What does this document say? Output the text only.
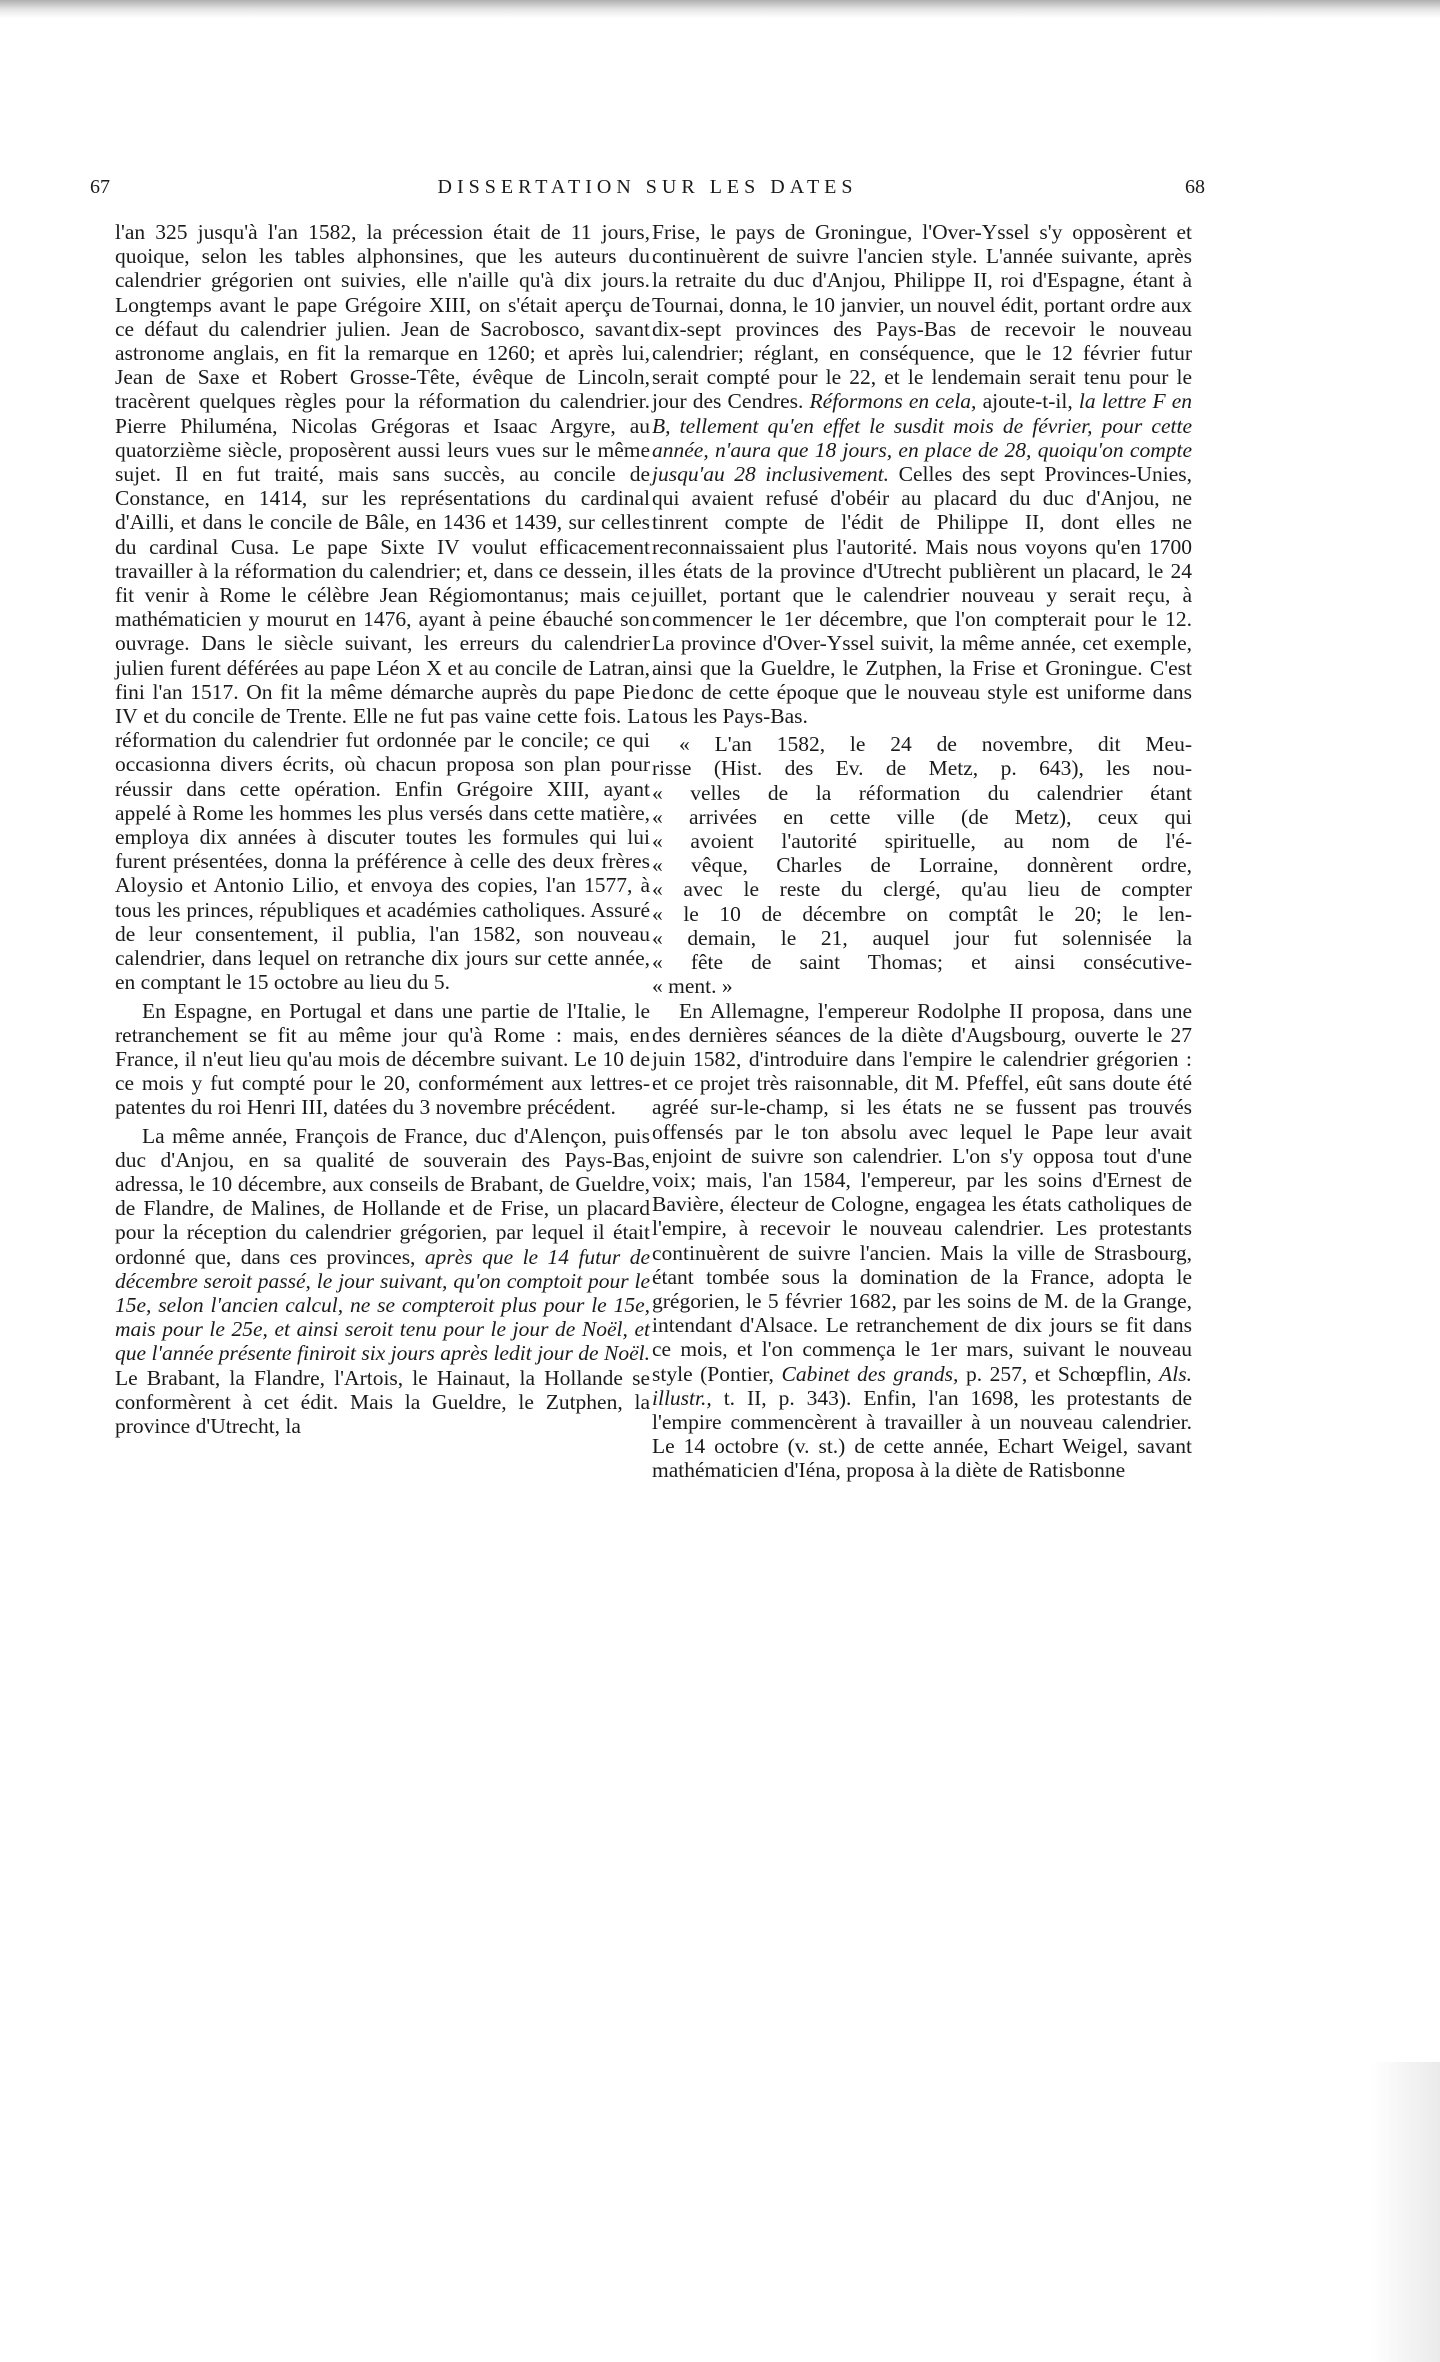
67	DISSERTATION SUR LES DATES	68

l'an 325 jusqu'à l'an 1582, la précession était de 11 jours, quoique, selon les tables alphonsines, que les auteurs du calendrier grégorien ont suivies, elle n'aille qu'à dix jours. Longtemps avant le pape Grégoire XIII, on s'était aperçu de ce défaut du calendrier julien. Jean de Sacrobosco, savant astronome anglais, en fit la remarque en 1260; et après lui, Jean de Saxe et Robert Grosse-Tête, évêque de Lincoln, tracèrent quelques règles pour la réformation du calendrier. Pierre Philuména, Nicolas Grégoras et Isaac Argyre, au quatorzième siècle, proposèrent aussi leurs vues sur le même sujet. Il en fut traité, mais sans succès, au concile de Constance, en 1414, sur les représentations du cardinal d'Ailli, et dans le concile de Bâle, en 1436 et 1439, sur celles du cardinal Cusa. Le pape Sixte IV voulut efficacement travailler à la réformation du calendrier; et, dans ce dessein, il fit venir à Rome le célèbre Jean Régiomontanus; mais ce mathématicien y mourut en 1476, ayant à peine ébauché son ouvrage. Dans le siècle suivant, les erreurs du calendrier julien furent déférées au pape Léon X et au concile de Latran, fini l'an 1517. On fit la même démarche auprès du pape Pie IV et du concile de Trente. Elle ne fut pas vaine cette fois. La réformation du calendrier fut ordonnée par le concile; ce qui occasionna divers écrits, où chacun proposa son plan pour réussir dans cette opération. Enfin Grégoire XIII, ayant appelé à Rome les hommes les plus versés dans cette matière, employa dix années à discuter toutes les formules qui lui furent présentées, donna la préférence à celle des deux frères Aloysio et Antonio Lilio, et envoya des copies, l'an 1577, à tous les princes, républiques et académies catholiques. Assuré de leur consentement, il publia, l'an 1582, son nouveau calendrier, dans lequel on retranche dix jours sur cette année, en comptant le 15 octobre au lieu du 5.

En Espagne, en Portugal et dans une partie de l'Italie, le retranchement se fit au même jour qu'à Rome : mais, en France, il n'eut lieu qu'au mois de décembre suivant. Le 10 de ce mois y fut compté pour le 20, conformément aux lettres-patentes du roi Henri III, datées du 3 novembre précédent.

La même année, François de France, duc d'Alençon, puis duc d'Anjou, en sa qualité de souverain des Pays-Bas, adressa, le 10 décembre, aux conseils de Brabant, de Gueldre, de Flandre, de Malines, de Hollande et de Frise, un placard pour la réception du calendrier grégorien, par lequel il était ordonné que, dans ces provinces, après que le 14 futur de décembre seroit passé, le jour suivant, qu'on comptoit pour le 15e, selon l'ancien calcul, ne se compteroit plus pour le 15e, mais pour le 25e, et ainsi seroit tenu pour le jour de Noël, et que l'année présente finiroit six jours après ledit jour de Noël. Le Brabant, la Flandre, l'Artois, le Hainaut, la Hollande se conformèrent à cet édit. Mais la Gueldre, le Zutphen, la province d'Utrecht, la

Frise, le pays de Groningue, l'Over-Yssel s'y opposèrent et continuèrent de suivre l'ancien style. L'année suivante, après la retraite du duc d'Anjou, Philippe II, roi d'Espagne, étant à Tournai, donna, le 10 janvier, un nouvel édit, portant ordre aux dix-sept provinces des Pays-Bas de recevoir le nouveau calendrier; réglant, en conséquence, que le 12 février futur serait compté pour le 22, et le lendemain serait tenu pour le jour des Cendres. Réformons en cela, ajoute-t-il, la lettre F en B, tellement qu'en effet le susdit mois de février, pour cette année, n'aura que 18 jours, en place de 28, quoiqu'on compte jusqu'au 28 inclusivement. Celles des sept Provinces-Unies, qui avaient refusé d'obéir au placard du duc d'Anjou, ne tinrent compte de l'édit de Philippe II, dont elles ne reconnaissaient plus l'autorité. Mais nous voyons qu'en 1700 les états de la province d'Utrecht publièrent un placard, le 24 juillet, portant que le calendrier nouveau y serait reçu, à commencer le 1er décembre, que l'on compterait pour le 12. La province d'Over-Yssel suivit, la même année, cet exemple, ainsi que la Gueldre, le Zutphen, la Frise et Groningue. C'est donc de cette époque que le nouveau style est uniforme dans tous les Pays-Bas.

« L'an 1582, le 24 de novembre, dit Meu-
risse (Hist. des Ev. de Metz, p. 643), les nou-
« velles de la réformation du calendrier étant
« arrivées en cette ville (de Metz), ceux qui
« avoient l'autorité spirituelle, au nom de l'é-
« vêque, Charles de Lorraine, donnèrent ordre,
« avec le reste du clergé, qu'au lieu de compter
« le 10 de décembre on comptât le 20; le len-
« demain, le 21, auquel jour fut solennisée la
« fête de saint Thomas; et ainsi consécutive-
« ment. »

En Allemagne, l'empereur Rodolphe II proposa, dans une des dernières séances de la diète d'Augsbourg, ouverte le 27 juin 1582, d'introduire dans l'empire le calendrier grégorien : et ce projet très raisonnable, dit M. Pfeffel, eût sans doute été agréé sur-le-champ, si les états ne se fussent pas trouvés offensés par le ton absolu avec lequel le Pape leur avait enjoint de suivre son calendrier. L'on s'y opposa tout d'une voix; mais, l'an 1584, l'empereur, par les soins d'Ernest de Bavière, électeur de Cologne, engagea les états catholiques de l'empire, à recevoir le nouveau calendrier. Les protestants continuèrent de suivre l'ancien. Mais la ville de Strasbourg, étant tombée sous la domination de la France, adopta le grégorien, le 5 février 1682, par les soins de M. de la Grange, intendant d'Alsace. Le retranchement de dix jours se fit dans ce mois, et l'on commença le 1er mars, suivant le nouveau style (Pontier, Cabinet des grands, p. 257, et Schœpflin, Als. illustr., t. II, p. 343). Enfin, l'an 1698, les protestants de l'empire commencèrent à travailler à un nouveau calendrier. Le 14 octobre (v. st.) de cette année, Echart Weigel, savant mathématicien d'Iéna, proposa à la diète de Ratisbonne
